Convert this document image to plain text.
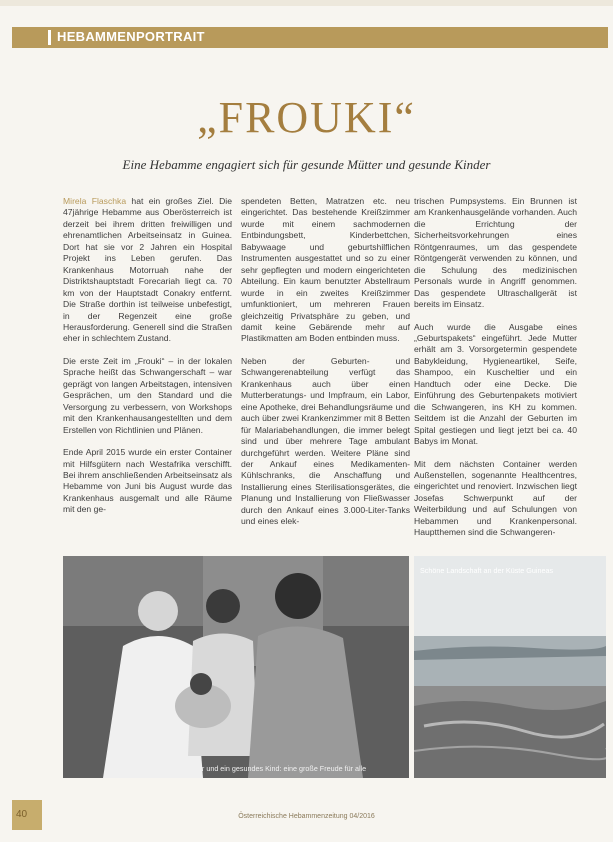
HEBAMMENPORTRAIT
„FROUKI“
Eine Hebamme engagiert sich für gesunde Mütter und gesunde Kinder

Mirela Flaschka hat ein großes Ziel. Die 47jährige Hebamme aus Oberösterreich ist derzeit bei ihrem dritten freiwilligen und ehrenamtlichen Arbeitseinsatz in Guinea. Dort hat sie vor 2 Jahren ein Hospital Projekt ins Leben gerufen. Das Krankenhaus Motorruah nahe der Distriktshauptstadt Forecariah liegt ca. 70 km von der Hauptstadt Conakry entfernt. Die Straße dorthin ist teilweise unbefestigt, in der Regenzeit eine große Herausforderung. Generell sind die Straßen eher in schlechtem Zustand.

Die erste Zeit im „Frouki“ – in der lokalen Sprache heißt das Schwangerschaft – war geprägt von langen Arbeitstagen, intensiven Gesprächen, um den Standard und die Versorgung zu verbessern, von Workshops mit den Krankenhausangestellten und dem Erstellen von Richtlinien und Plänen.

Ende April 2015 wurde ein erster Container mit Hilfsgütern nach Westafrika verschifft. Bei ihrem anschließenden Arbeitseinsatz als Hebamme von Juni bis August wurde das Krankenhaus ausgemalt und alle Räume mit den ge-

spendeten Betten, Matratzen etc. neu eingerichtet. Das bestehende Kreißzimmer wurde mit einem sachmodernen Entbindungsbett, Kinderbettchen, Babywaage und geburtshilflichen Instrumenten ausgestattet und so zu einer sehr gepflegten und modern eingerichteten Abteilung. Ein kaum benutzter Abstellraum wurde in ein zweites Kreißzimmer umfunktioniert, um mehreren Frauen gleichzeitig Privatsphäre zu geben, und damit keine Gebärende mehr auf Plastikmatten am Boden entbinden muss.

Neben der Geburten- und Schwangerenabteilung verfügt das Krankenhaus auch über einen Mutterberatungs- und Impfraum, ein Labor, eine Apotheke, drei Behandlungsräume und auch über zwei Krankenzimmer mit 8 Betten für Malariabehandlungen, die immer belegt sind und über mehrere Tage ambulant durchgeführt werden. Weitere Pläne sind der Ankauf eines Medikamenten-Kühlschranks, die Anschaffung und Installierung eines Sterilisationsgerätes, die Planung und Installierung von Fließwasser durch den Ankauf eines 3.000-Liter-Tanks und eines elek-

trischen Pumpsystems. Ein Brunnen ist am Krankenhausgelände vorhanden. Auch die Errichtung der Sicherheitsvorkehrungen eines Röntgenraumes, um das gespendete Röntgengerät verwenden zu können, und die Schulung des medizinischen Personals wurde in Angriff genommen. Das gespendete Ultraschallgerät ist bereits im Einsatz.

Auch wurde die Ausgabe eines „Geburtspakets“ eingeführt. Jede Mutter erhält am 3. Vorsorgetermin gespendete Babykleidung, Hygieneartikel, Seife, Shampoo, ein Kuscheltier und ein Handtuch oder eine Decke. Die Einführung des Geburtenpakets motiviert die Schwangeren, ins KH zu kommen. Seitdem ist die Anzahl der Geburten im Spital gestiegen und liegt jetzt bei ca. 40 Babys im Monat.

Mit dem nächsten Container werden Außenstellen, sogenannte Healthcentres, eingerichtet und renoviert. Inzwischen liegt Josefas Schwerpunkt auf der Weiterbildung und auf Schulungen von Hebammen und Krankenpersonal. Hauptthemen sind die Schwangeren-

Eine gesunde Mutter und ein gesundes Kind: eine große Freude für alle
Schöne Landschaft an der Küste Guineas
40	Österreichische Hebammenzeitung 04/2016
